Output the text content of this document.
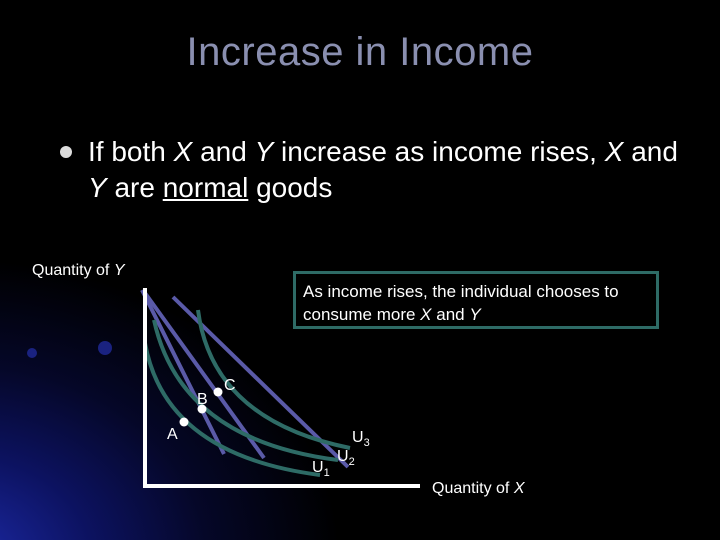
Increase in Income
If both X and Y increase as income rises, X and Y are normal goods
Quantity of Y
As income rises, the individual chooses to consume more X and Y
Quantity of X
A
B
C
$U_1$
$U_2$
$U_3$
